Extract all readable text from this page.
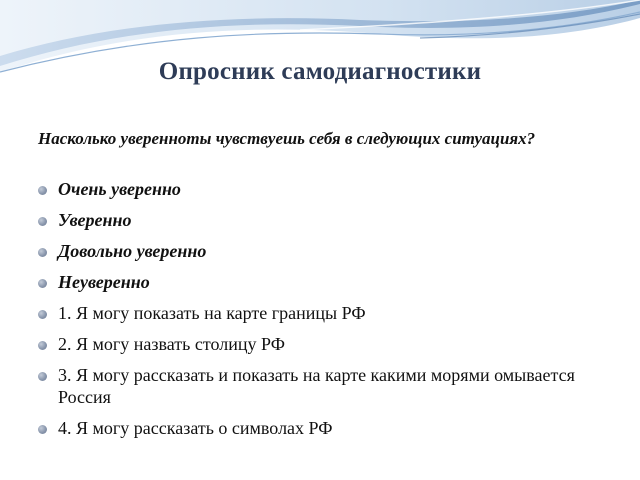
Опросник самодиагностики
Насколько уверенноты чувствуешь себя в следующих ситуациях?
Очень уверенно
Уверенно
Довольно уверенно
Неуверенно
1. Я могу показать на карте границы РФ
2. Я могу назвать столицу РФ
3. Я могу рассказать и показать на карте какими морями омывается Россия
4. Я могу рассказать о символах РФ
